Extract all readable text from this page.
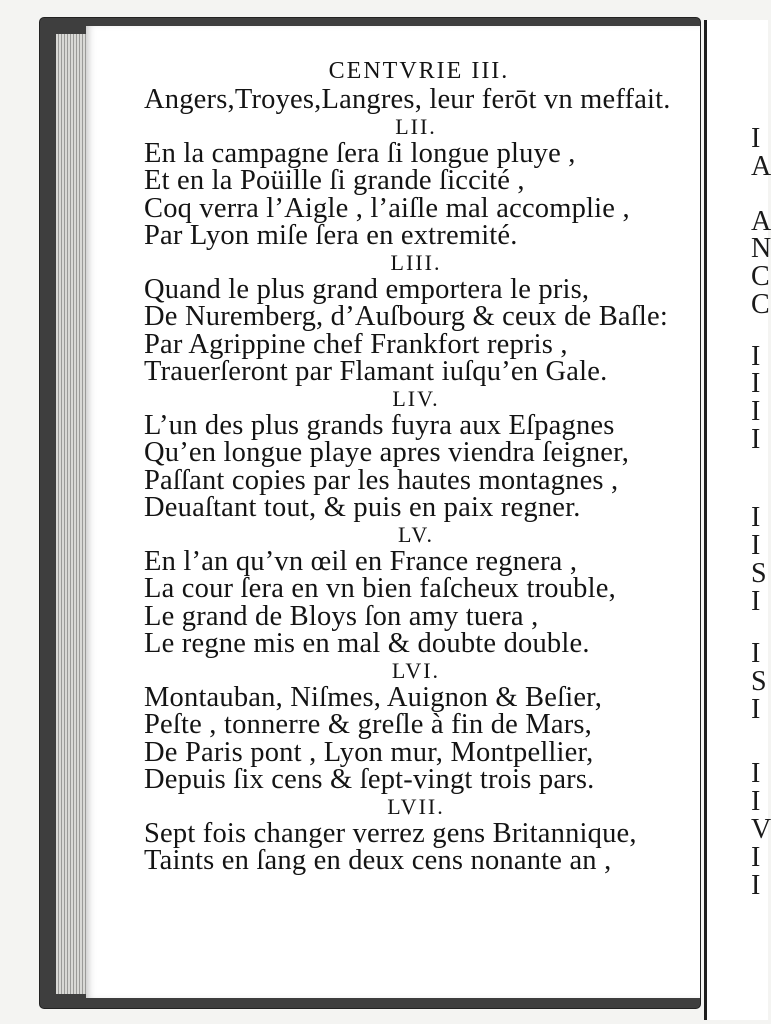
I
A
A
N
C
C
I
I
I
I
I
I
S
I
I
S
I
I
I
V
I
I
CENTVRIE III.
Angers,Troyes,Langres, leur ferōt vn meffait.
LII.
En la campagne ſera ſi longue pluye ,
Et en la Poüille ſi grande ſiccité ,
Coq verra l’Aigle , l’aiſle mal accomplie ,
Par Lyon miſe ſera en extremité.
LIII.
Quand le plus grand emportera le pris,
De Nuremberg, d’Auſbourg & ceux de Baſle:
Par Agrippine chef Frankfort repris ,
Trauerſeront par Flamant iuſqu’en Gale.
LIV.
L’un des plus grands fuyra aux Eſpagnes
Qu’en longue playe apres viendra ſeigner,
Paſſant copies par les hautes montagnes ,
Deuaſtant tout, & puis en paix regner.
LV.
En l’an qu’vn œil en France regnera ,
La cour ſera en vn bien faſcheux trouble,
Le grand de Bloys ſon amy tuera ,
Le regne mis en mal & doubte double.
LVI.
Montauban, Niſmes, Auignon & Beſier,
Peſte , tonnerre & greſle à fin de Mars,
De Paris pont , Lyon mur, Montpellier,
Depuis ſix cens & ſept-vingt trois pars.
LVII.
Sept fois changer verrez gens Britannique,
Taints en ſang en deux cens nonante an ,
